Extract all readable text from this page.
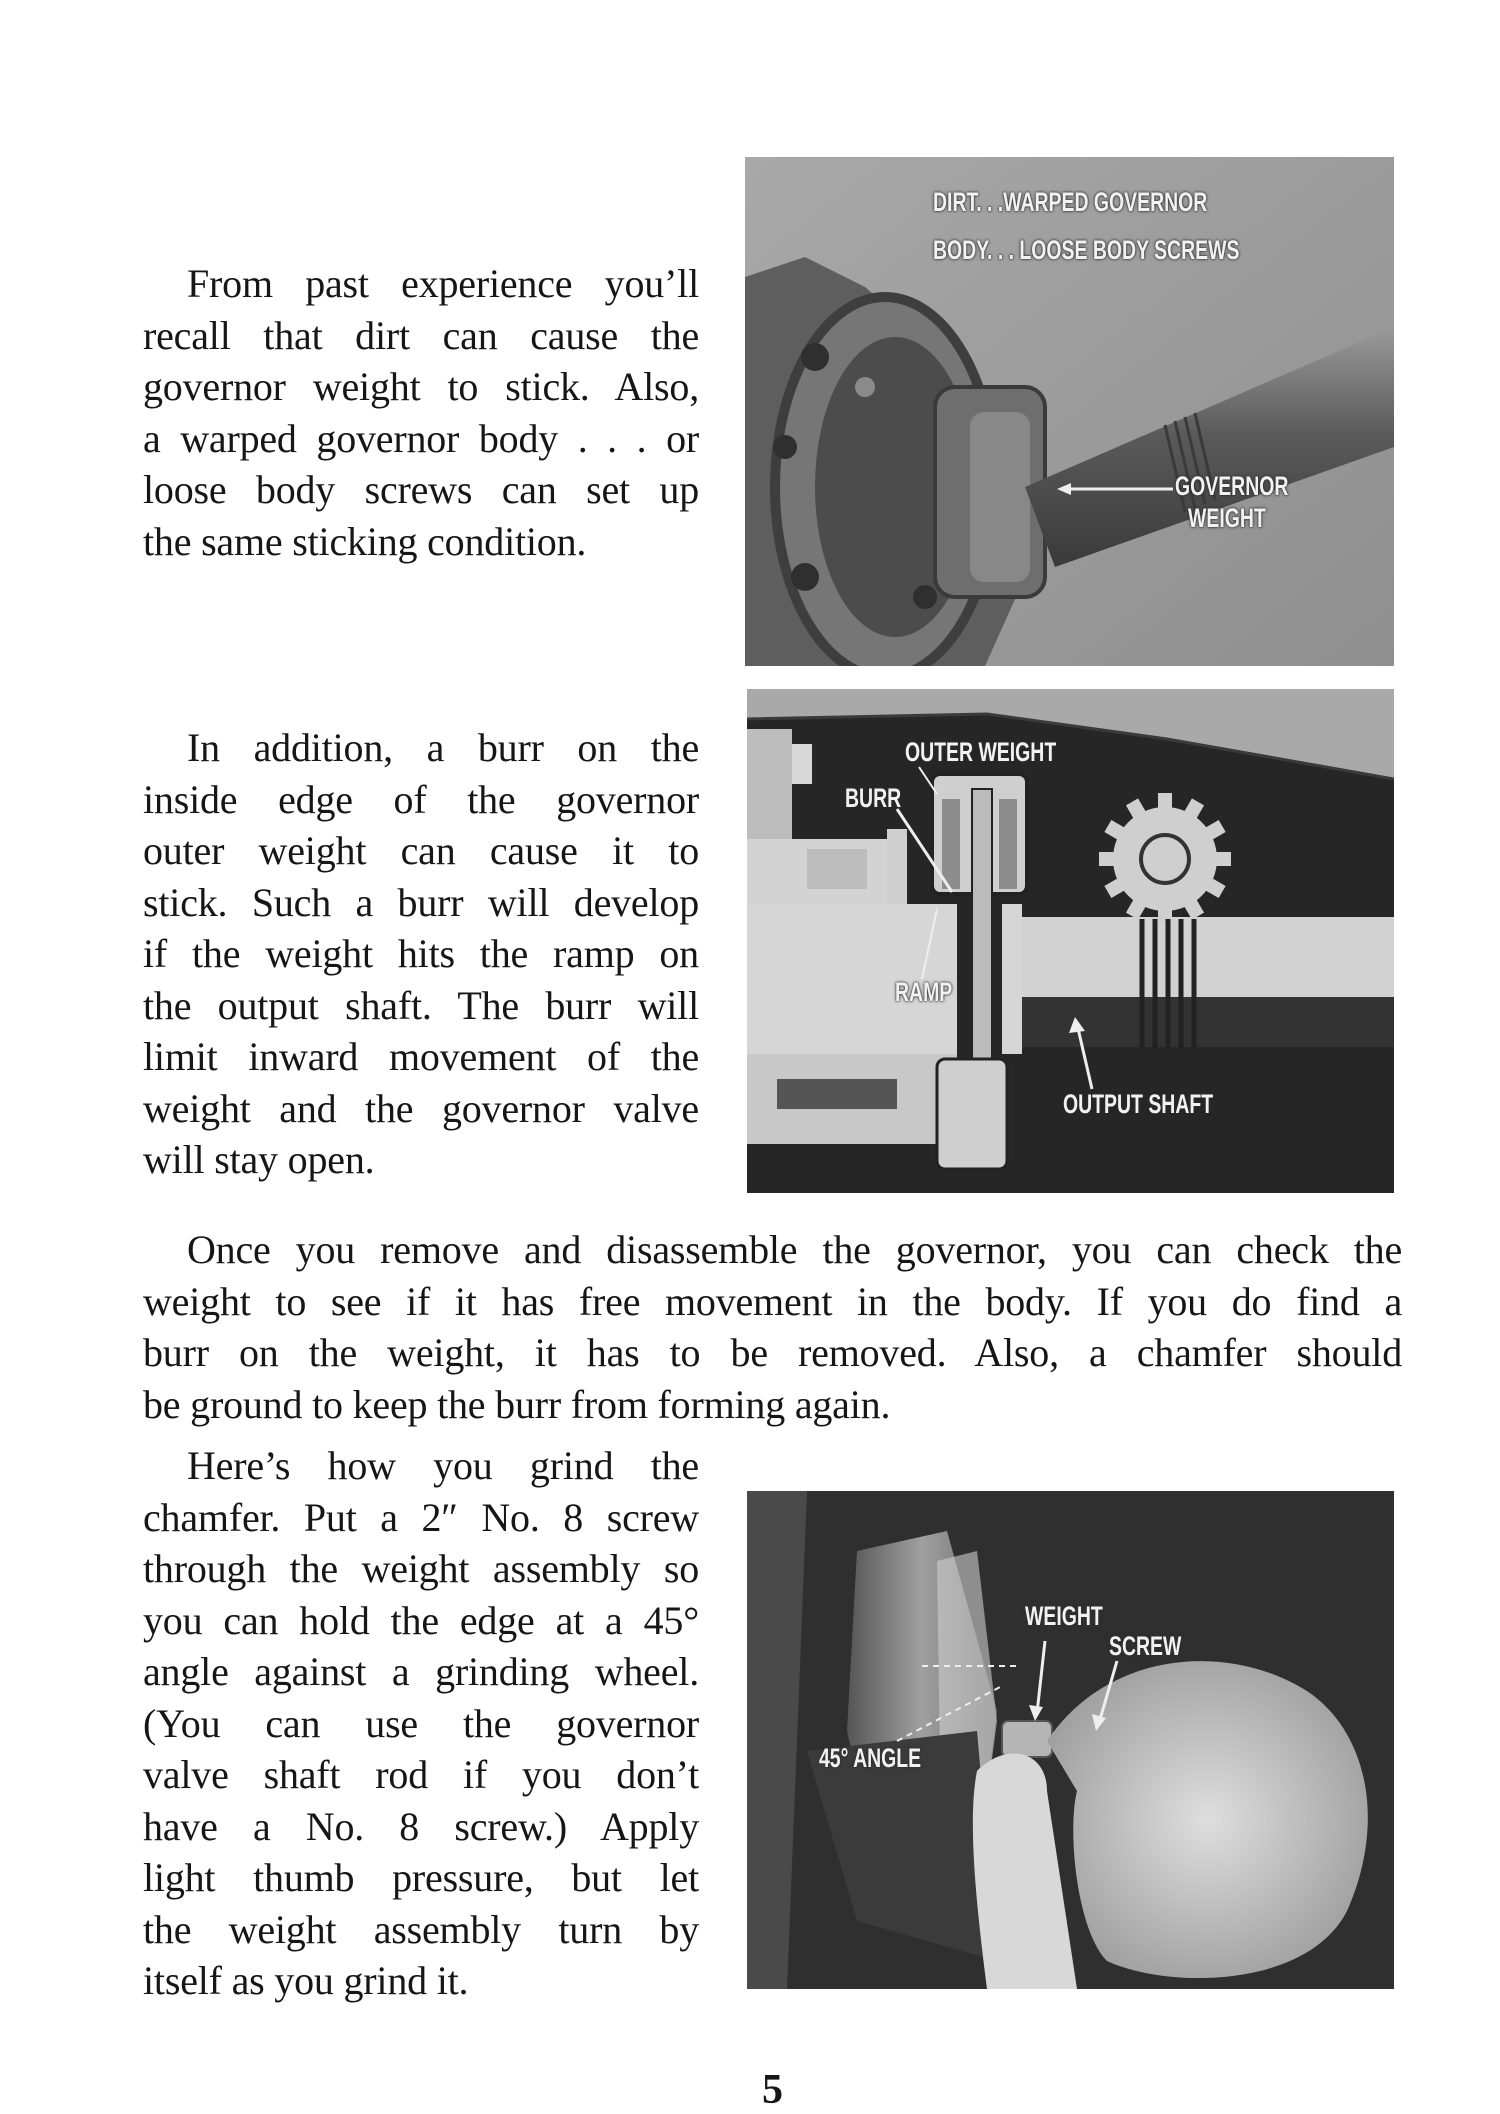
From past experience you’ll
recall that dirt can cause the
governor weight to stick. Also,
a warped governor body . . . or
loose body screws can set up
the same sticking condition.
DIRT. . .WARPED GOVERNOR
BODY. . . LOOSE BODY SCREWS
GOVERNOR
WEIGHT
In addition, a burr on the
inside edge of the governor
outer weight can cause it to
stick. Such a burr will develop
if the weight hits the ramp on
the output shaft. The burr will
limit inward movement of the
weight and the governor valve
will stay open.
OUTER WEIGHT
BURR
RAMP
OUTPUT SHAFT
Once you remove and disassemble the governor, you can check the
weight to see if it has free movement in the body. If you do find a
burr on the weight, it has to be removed. Also, a chamfer should
be ground to keep the burr from forming again.
Here’s how you grind the
chamfer. Put a 2″ No. 8 screw
through the weight assembly so
you can hold the edge at a 45°
angle against a grinding wheel.
(You can use the governor
valve shaft rod if you don’t
have a No. 8 screw.) Apply
light thumb pressure, but let
the weight assembly turn by
itself as you grind it.
WEIGHT
SCREW
45° ANGLE
5
